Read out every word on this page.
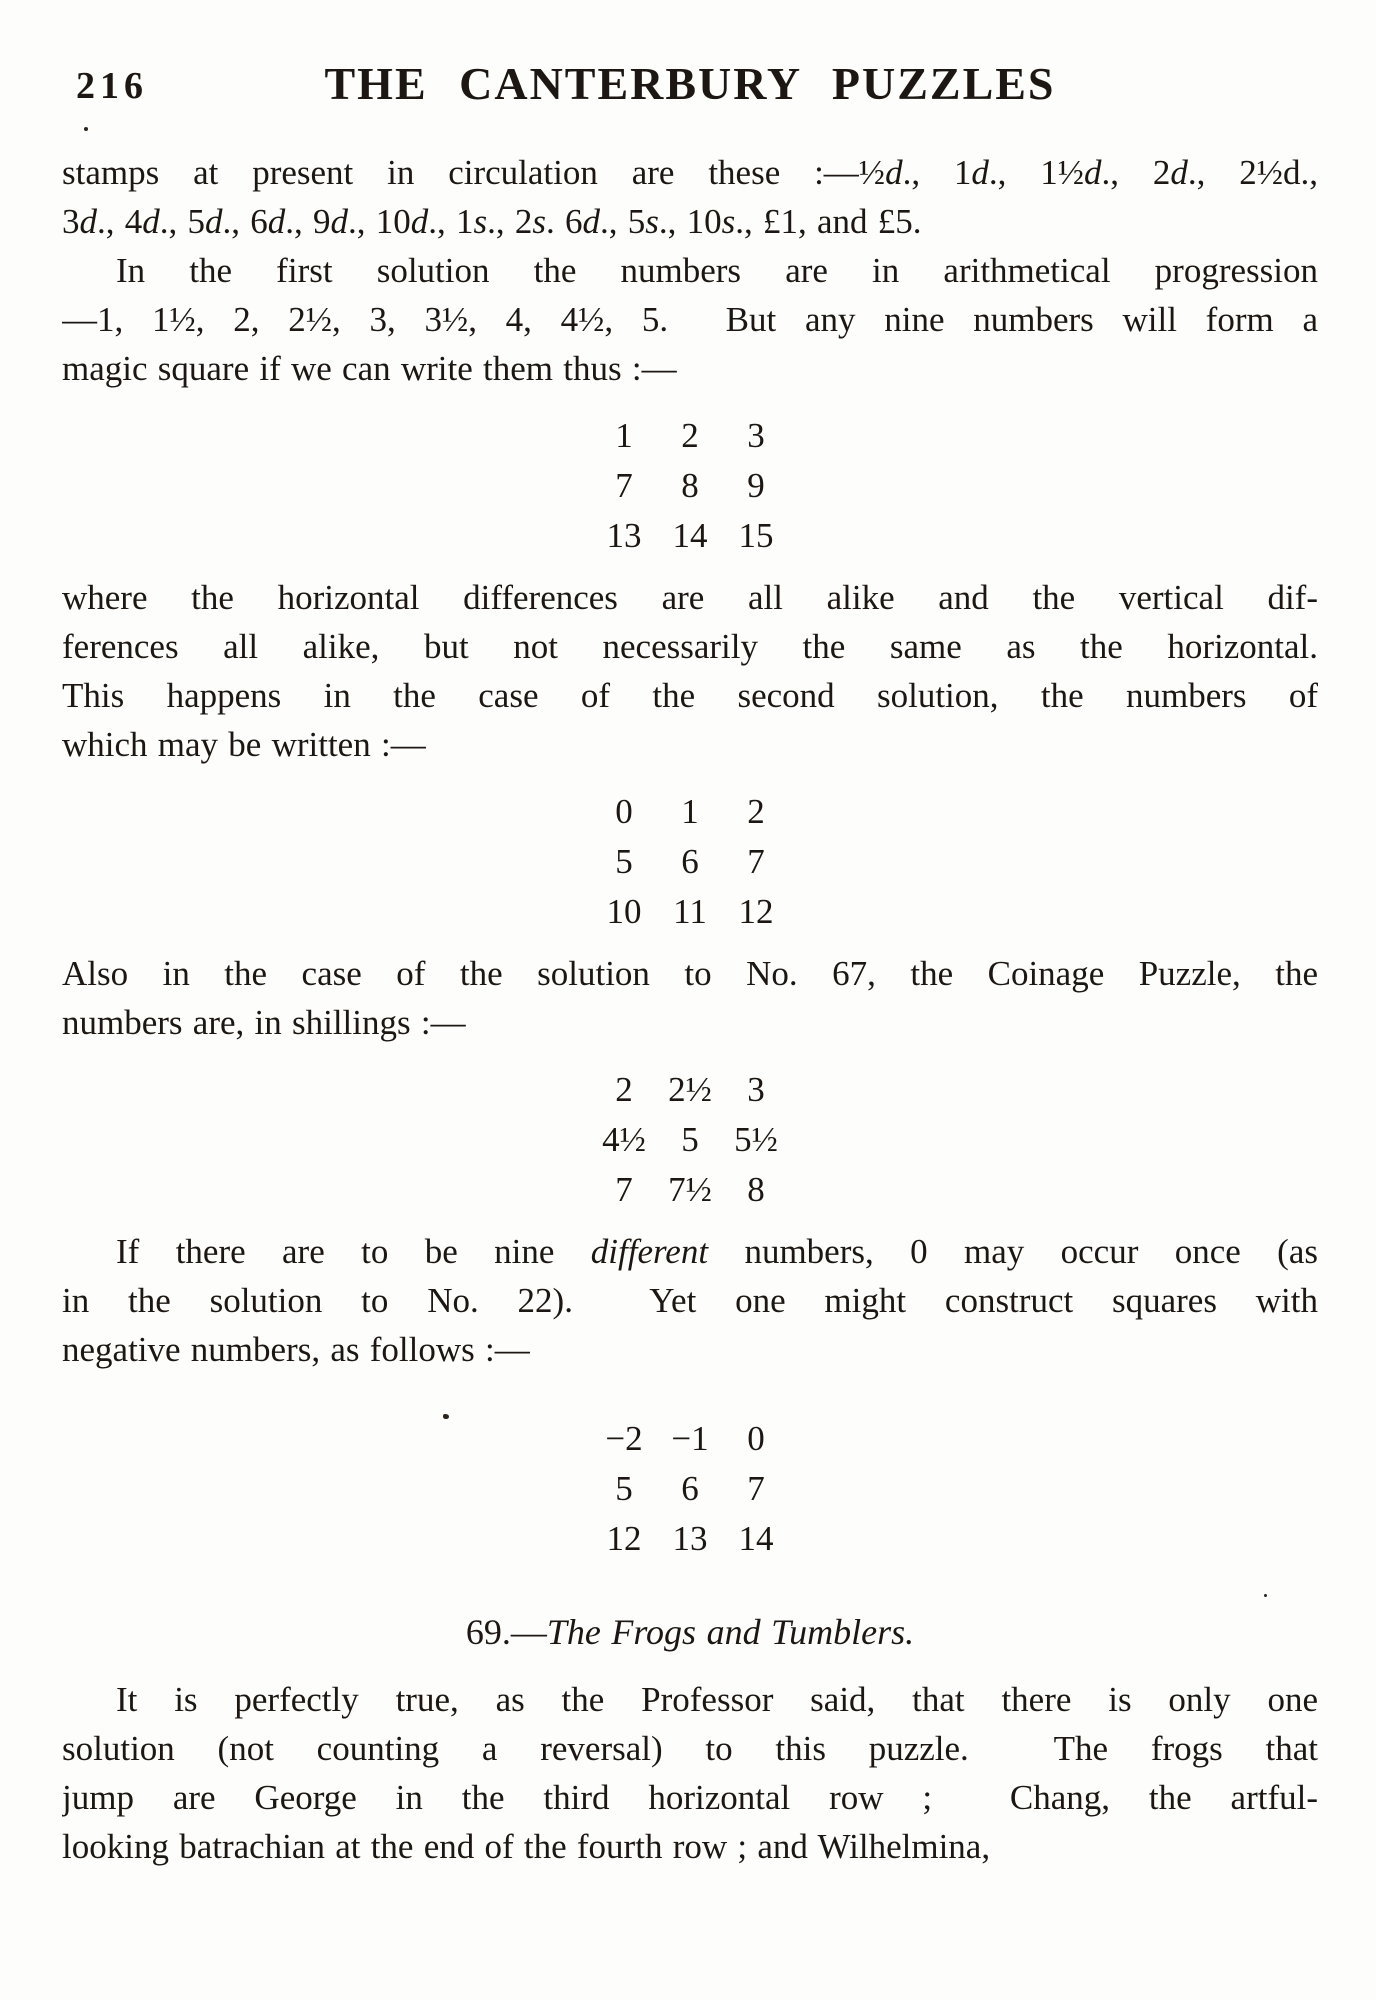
216	THE CANTERBURY PUZZLES
stamps at present in circulation are these :—½d., 1d., 1½d., 2d., 2½d.,
3d., 4d., 5d., 6d., 9d., 10d., 1s., 2s. 6d., 5s., 10s., £1, and £5.
In the first solution the numbers are in arithmetical progression
—1, 1½, 2, 2½, 3, 3½, 4, 4½, 5.  But any nine numbers will form a
magic square if we can write them thus :—
1	2	3
7	8	9
13 14 15
where the horizontal differences are all alike and the vertical dif-
ferences all alike, but not necessarily the same as the horizontal.
This happens in the case of the second solution, the numbers of
which may be written :—
0	1	2
5	6	7
10 11 12
Also in the case of the solution to No. 67, the Coinage Puzzle, the
numbers are, in shillings :—
2	2½	3
4½	5	5½
7	7½	8
If there are to be nine different numbers, 0 may occur once (as
in the solution to No. 22).  Yet one might construct squares with
negative numbers, as follows :—
−2 −1	0
5	6	7
12 13 14
69.—The Frogs and Tumblers.
It is perfectly true, as the Professor said, that there is only one
solution (not counting a reversal) to this puzzle.  The frogs that
jump are George in the third horizontal row ;  Chang, the artful-
looking batrachian at the end of the fourth row ; and Wilhelmina,
